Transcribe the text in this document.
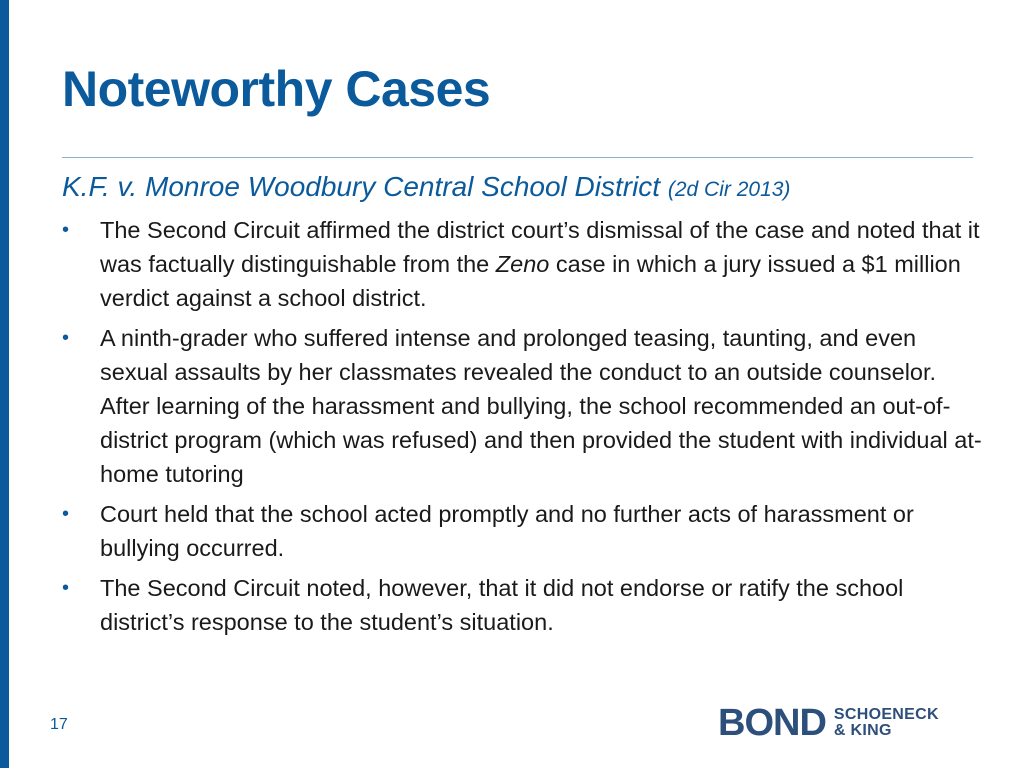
Noteworthy Cases

K.F. v. Monroe Woodbury Central School District (2d Cir 2013)

• The Second Circuit affirmed the district court’s dismissal of the case and noted that it was factually distinguishable from the Zeno case in which a jury issued a $1 million verdict against a school district.
• A ninth-grader who suffered intense and prolonged teasing, taunting, and even sexual assaults by her classmates revealed the conduct to an outside counselor. After learning of the harassment and bullying, the school recommended an out-of-district program (which was refused) and then provided the student with individual at-home tutoring
• Court held that the school acted promptly and no further acts of harassment or bullying occurred.
• The Second Circuit noted, however, that it did not endorse or ratify the school district’s response to the student’s situation.
17	BOND SCHOENECK
& KING
